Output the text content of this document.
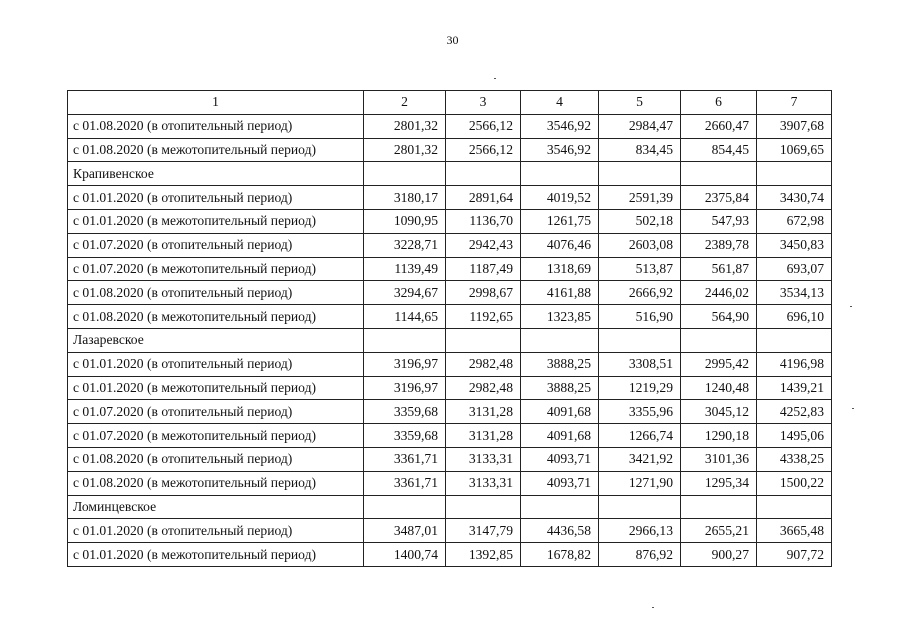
30
1	2	3	4	5	6	7
с 01.08.2020 (в отопительный период)	2801,32	2566,12	3546,92	2984,47	2660,47	3907,68
с 01.08.2020 (в межотопительный период)	2801,32	2566,12	3546,92	834,45	854,45	1069,65
Крапивенское						
с 01.01.2020 (в отопительный период)	3180,17	2891,64	4019,52	2591,39	2375,84	3430,74
с 01.01.2020 (в межотопительный период)	1090,95	1136,70	1261,75	502,18	547,93	672,98
с 01.07.2020 (в отопительный период)	3228,71	2942,43	4076,46	2603,08	2389,78	3450,83
с 01.07.2020 (в межотопительный период)	1139,49	1187,49	1318,69	513,87	561,87	693,07
с 01.08.2020 (в отопительный период)	3294,67	2998,67	4161,88	2666,92	2446,02	3534,13
с 01.08.2020 (в межотопительный период)	1144,65	1192,65	1323,85	516,90	564,90	696,10
Лазаревское						
с 01.01.2020 (в отопительный период)	3196,97	2982,48	3888,25	3308,51	2995,42	4196,98
с 01.01.2020 (в межотопительный период)	3196,97	2982,48	3888,25	1219,29	1240,48	1439,21
с 01.07.2020 (в отопительный период)	3359,68	3131,28	4091,68	3355,96	3045,12	4252,83
с 01.07.2020 (в межотопительный период)	3359,68	3131,28	4091,68	1266,74	1290,18	1495,06
с 01.08.2020 (в отопительный период)	3361,71	3133,31	4093,71	3421,92	3101,36	4338,25
с 01.08.2020 (в межотопительный период)	3361,71	3133,31	4093,71	1271,90	1295,34	1500,22
Ломинцевское						
с 01.01.2020 (в отопительный период)	3487,01	3147,79	4436,58	2966,13	2655,21	3665,48
с 01.01.2020 (в межотопительный период)	1400,74	1392,85	1678,82	876,92	900,27	907,72
